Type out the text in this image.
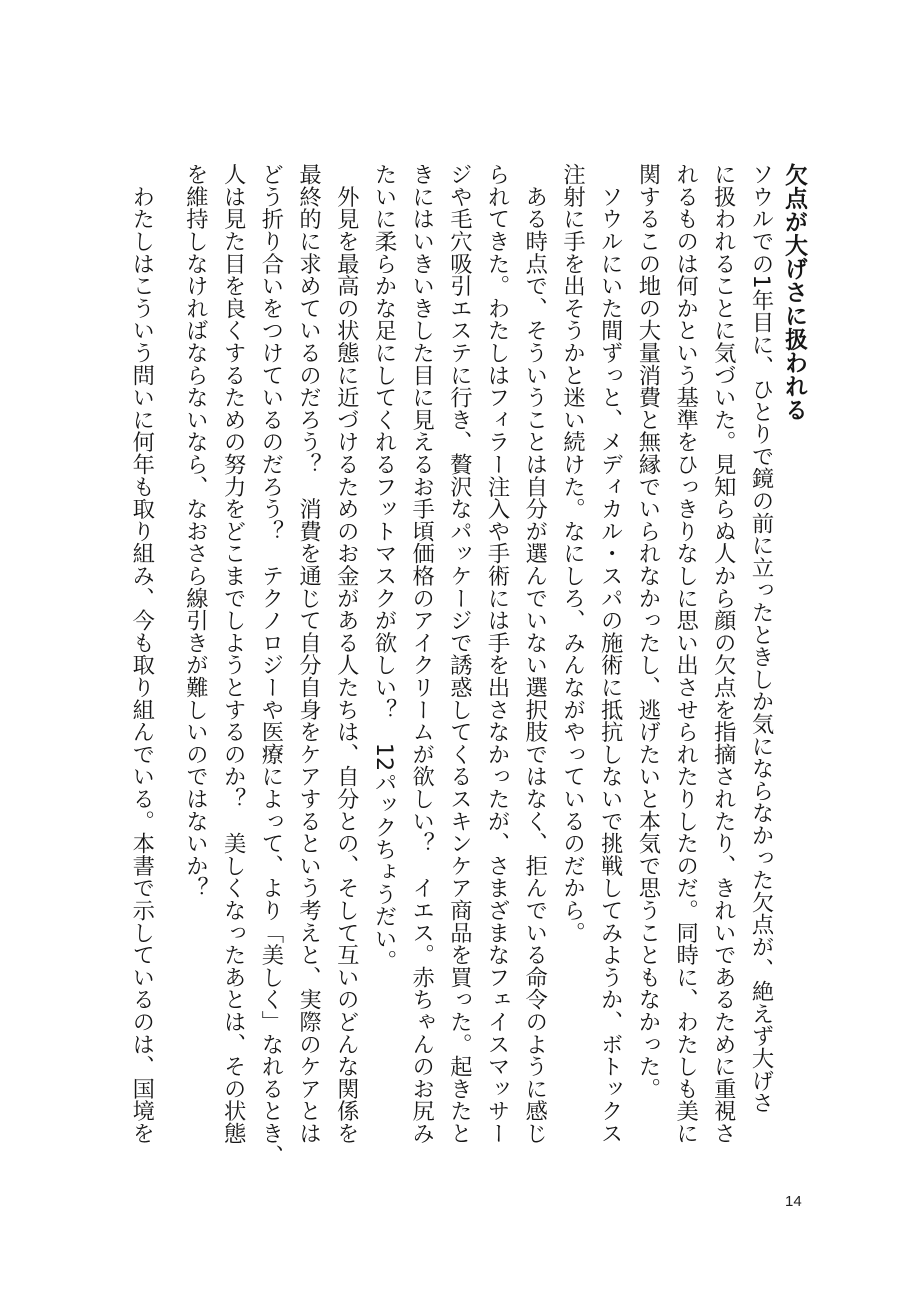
欠点が大げさに扱われる
ソウルでの1年目に、ひとりで鏡の前に立ったときしか気にならなかった欠点が、絶えず大げさ
に扱われることに気づいた。見知らぬ人から顔の欠点を指摘されたり、きれいであるために重視さ
れるものは何かという基準をひっきりなしに思い出させられたりしたのだ。同時に、わたしも美に
関するこの地の大量消費と無縁でいられなかったし、逃げたいと本気で思うこともなかった。
　ソウルにいた間ずっと、メディカル・スパの施術に抵抗しないで挑戦してみようか、ボトックス
注射に手を出そうかと迷い続けた。なにしろ、みんながやっているのだから。
　ある時点で、そういうことは自分が選んでいない選択肢ではなく、拒んでいる命令のように感じ
られてきた。わたしはフィラー注入や手術には手を出さなかったが、さまざまなフェイスマッサー
ジや毛穴吸引エステに行き、贅沢なパッケージで誘惑してくるスキンケア商品を買った。起きたと
きにはいきいきした目に見えるお手頃価格のアイクリームが欲しい？　イエス。赤ちゃんのお尻み
たいに柔らかな足にしてくれるフットマスクが欲しい？　12パックちょうだい。
　外見を最高の状態に近づけるためのお金がある人たちは、自分との、そして互いのどんな関係を
最終的に求めているのだろう？　消費を通じて自分自身をケアするという考えと、実際のケアとは
どう折り合いをつけているのだろう？　テクノロジーや医療によって、より「美しく」なれるとき、
人は見た目を良くするための努力をどこまでしようとするのか？　美しくなったあとは、その状態
を維持しなければならないなら、なおさら線引きが難しいのではないか？
　わたしはこういう問いに何年も取り組み、今も取り組んでいる。本書で示しているのは、国境を
14
